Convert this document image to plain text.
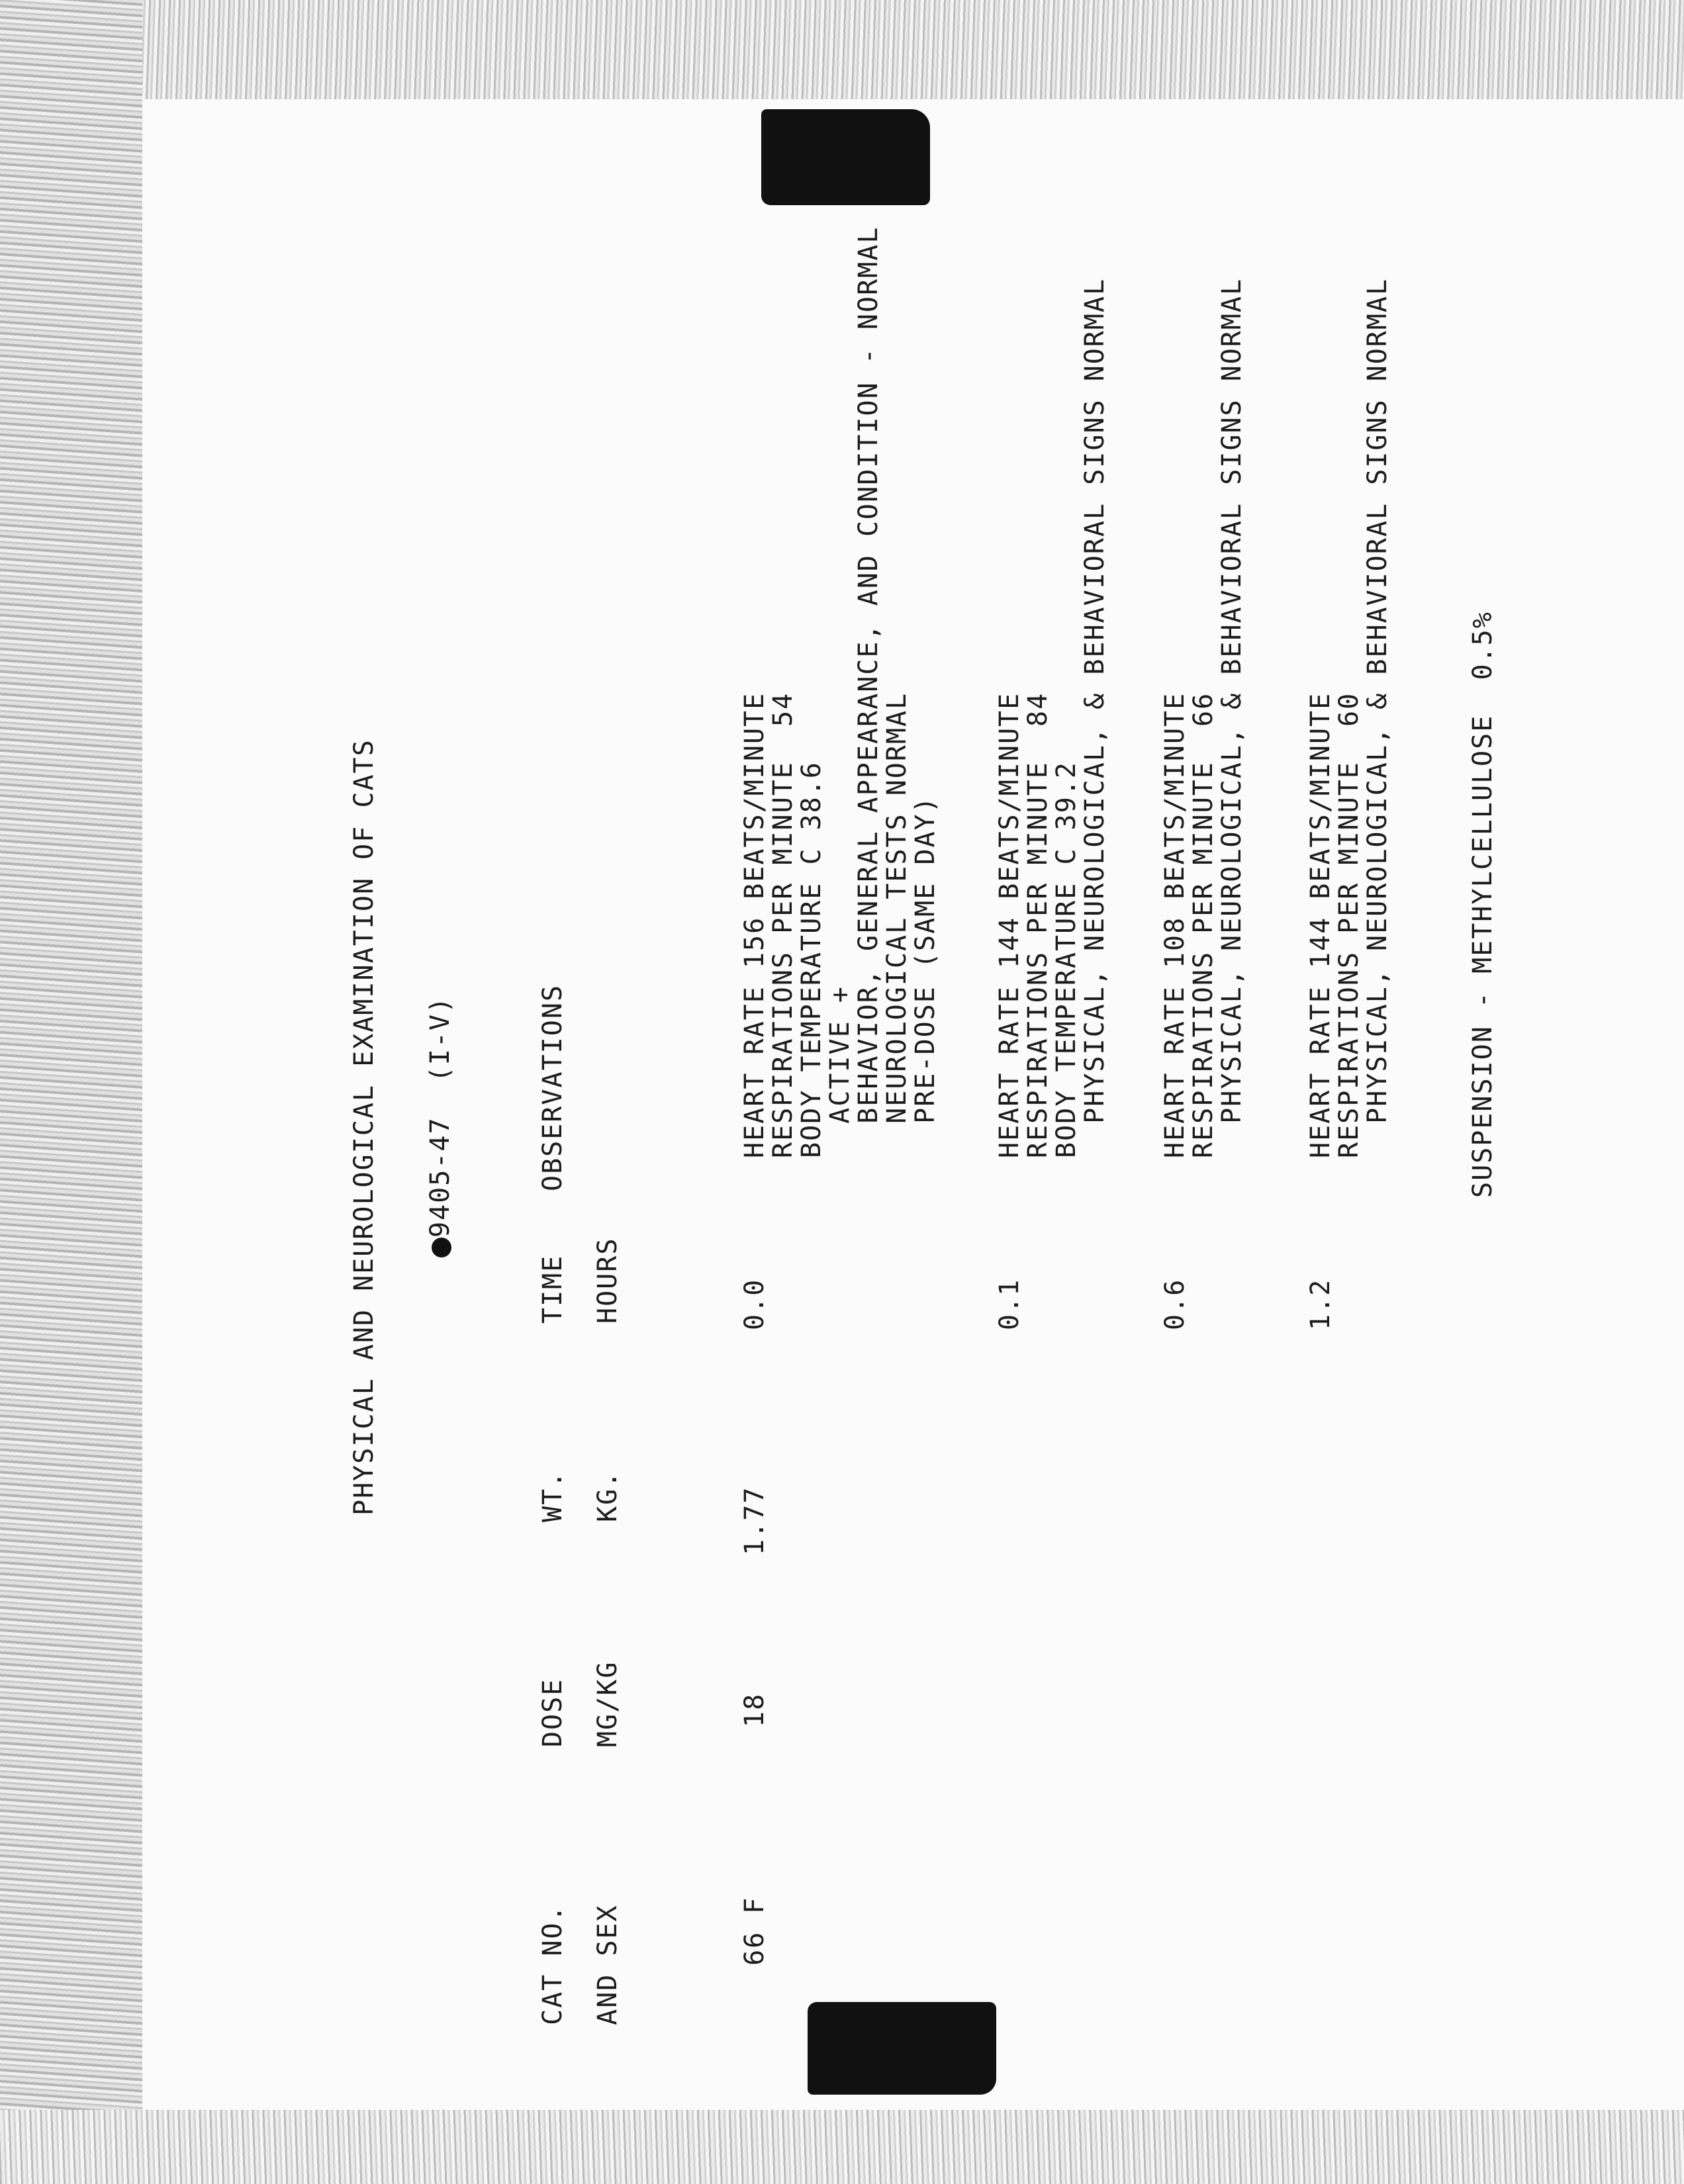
PHYSICAL AND NEUROLOGICAL EXAMINATION OF CATS 9405-47  (I-V)
CAT NO. AND SEX
DOSE MG/KG
WT. KG.
TIME HOURS
OBSERVATIONS
66 F
18
1.77
0.0
HEART RATE 156 BEATS/MINUTE
RESPIRATIONS PER MINUTE  54
BODY TEMPERATURE C 38.6
ACTIVE +
BEHAVIOR, GENERAL APPEARANCE, AND CONDITION - NORMAL
NEUROLOGICAL TESTS NORMAL
PRE-DOSE (SAME DAY)
0.1
HEART RATE 144 BEATS/MINUTE
RESPIRATIONS PER MINUTE  84
BODY TEMPERATURE C 39.2
PHYSICAL, NEUROLOGICAL, & BEHAVIORAL SIGNS NORMAL
0.6
HEART RATE 108 BEATS/MINUTE
RESPIRATIONS PER MINUTE  66
PHYSICAL, NEUROLOGICAL, & BEHAVIORAL SIGNS NORMAL
1.2
HEART RATE 144 BEATS/MINUTE
RESPIRATIONS PER MINUTE  60
PHYSICAL, NEUROLOGICAL, & BEHAVIORAL SIGNS NORMAL	SUSPENSION - METHYLCELLULOSE  0.5%
